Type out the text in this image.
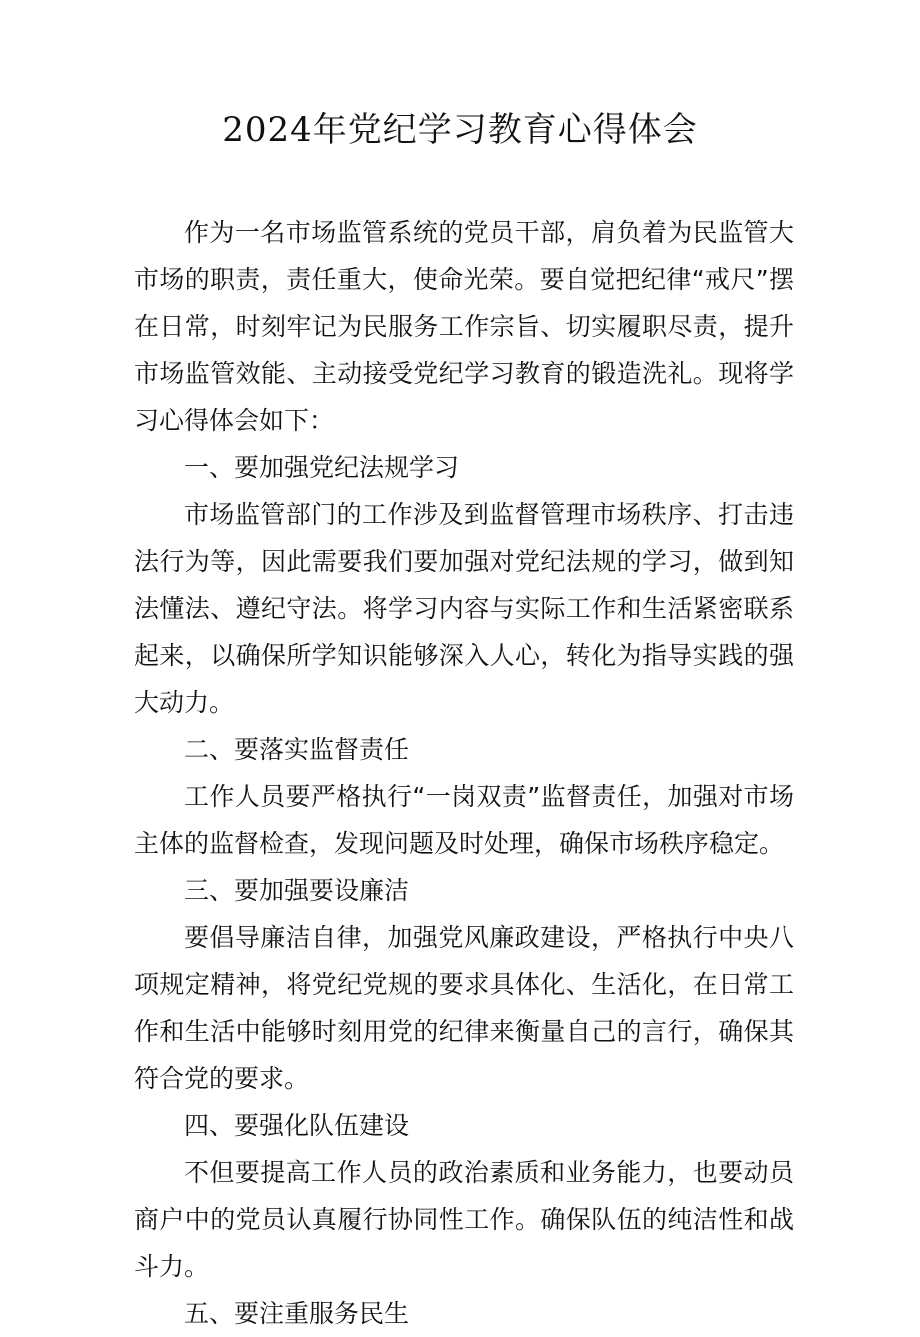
2024年党纪学习教育心得体会

作为一名市场监管系统的党员干部，肩负着为民监管大市场的职责，责任重大，使命光荣。要自觉把纪律“戒尺”摆在日常，时刻牢记为民服务工作宗旨、切实履职尽责，提升市场监管效能、主动接受党纪学习教育的锻造洗礼。现将学习心得体会如下：

一、要加强党纪法规学习

市场监管部门的工作涉及到监督管理市场秩序、打击违法行为等，因此需要我们要加强对党纪法规的学习，做到知法懂法、遵纪守法。将学习内容与实际工作和生活紧密联系起来，以确保所学知识能够深入人心，转化为指导实践的强大动力。

二、要落实监督责任

工作人员要严格执行“一岗双责”监督责任，加强对市场主体的监督检查，发现问题及时处理，确保市场秩序稳定。

三、要加强要设廉洁

要倡导廉洁自律，加强党风廉政建设，严格执行中央八项规定精神，将党纪党规的要求具体化、生活化，在日常工作和生活中能够时刻用党的纪律来衡量自己的言行，确保其符合党的要求。

四、要强化队伍建设

不但要提高工作人员的政治素质和业务能力，也要动员商户中的党员认真履行协同性工作。确保队伍的纯洁性和战斗力。

五、要注重服务民生
